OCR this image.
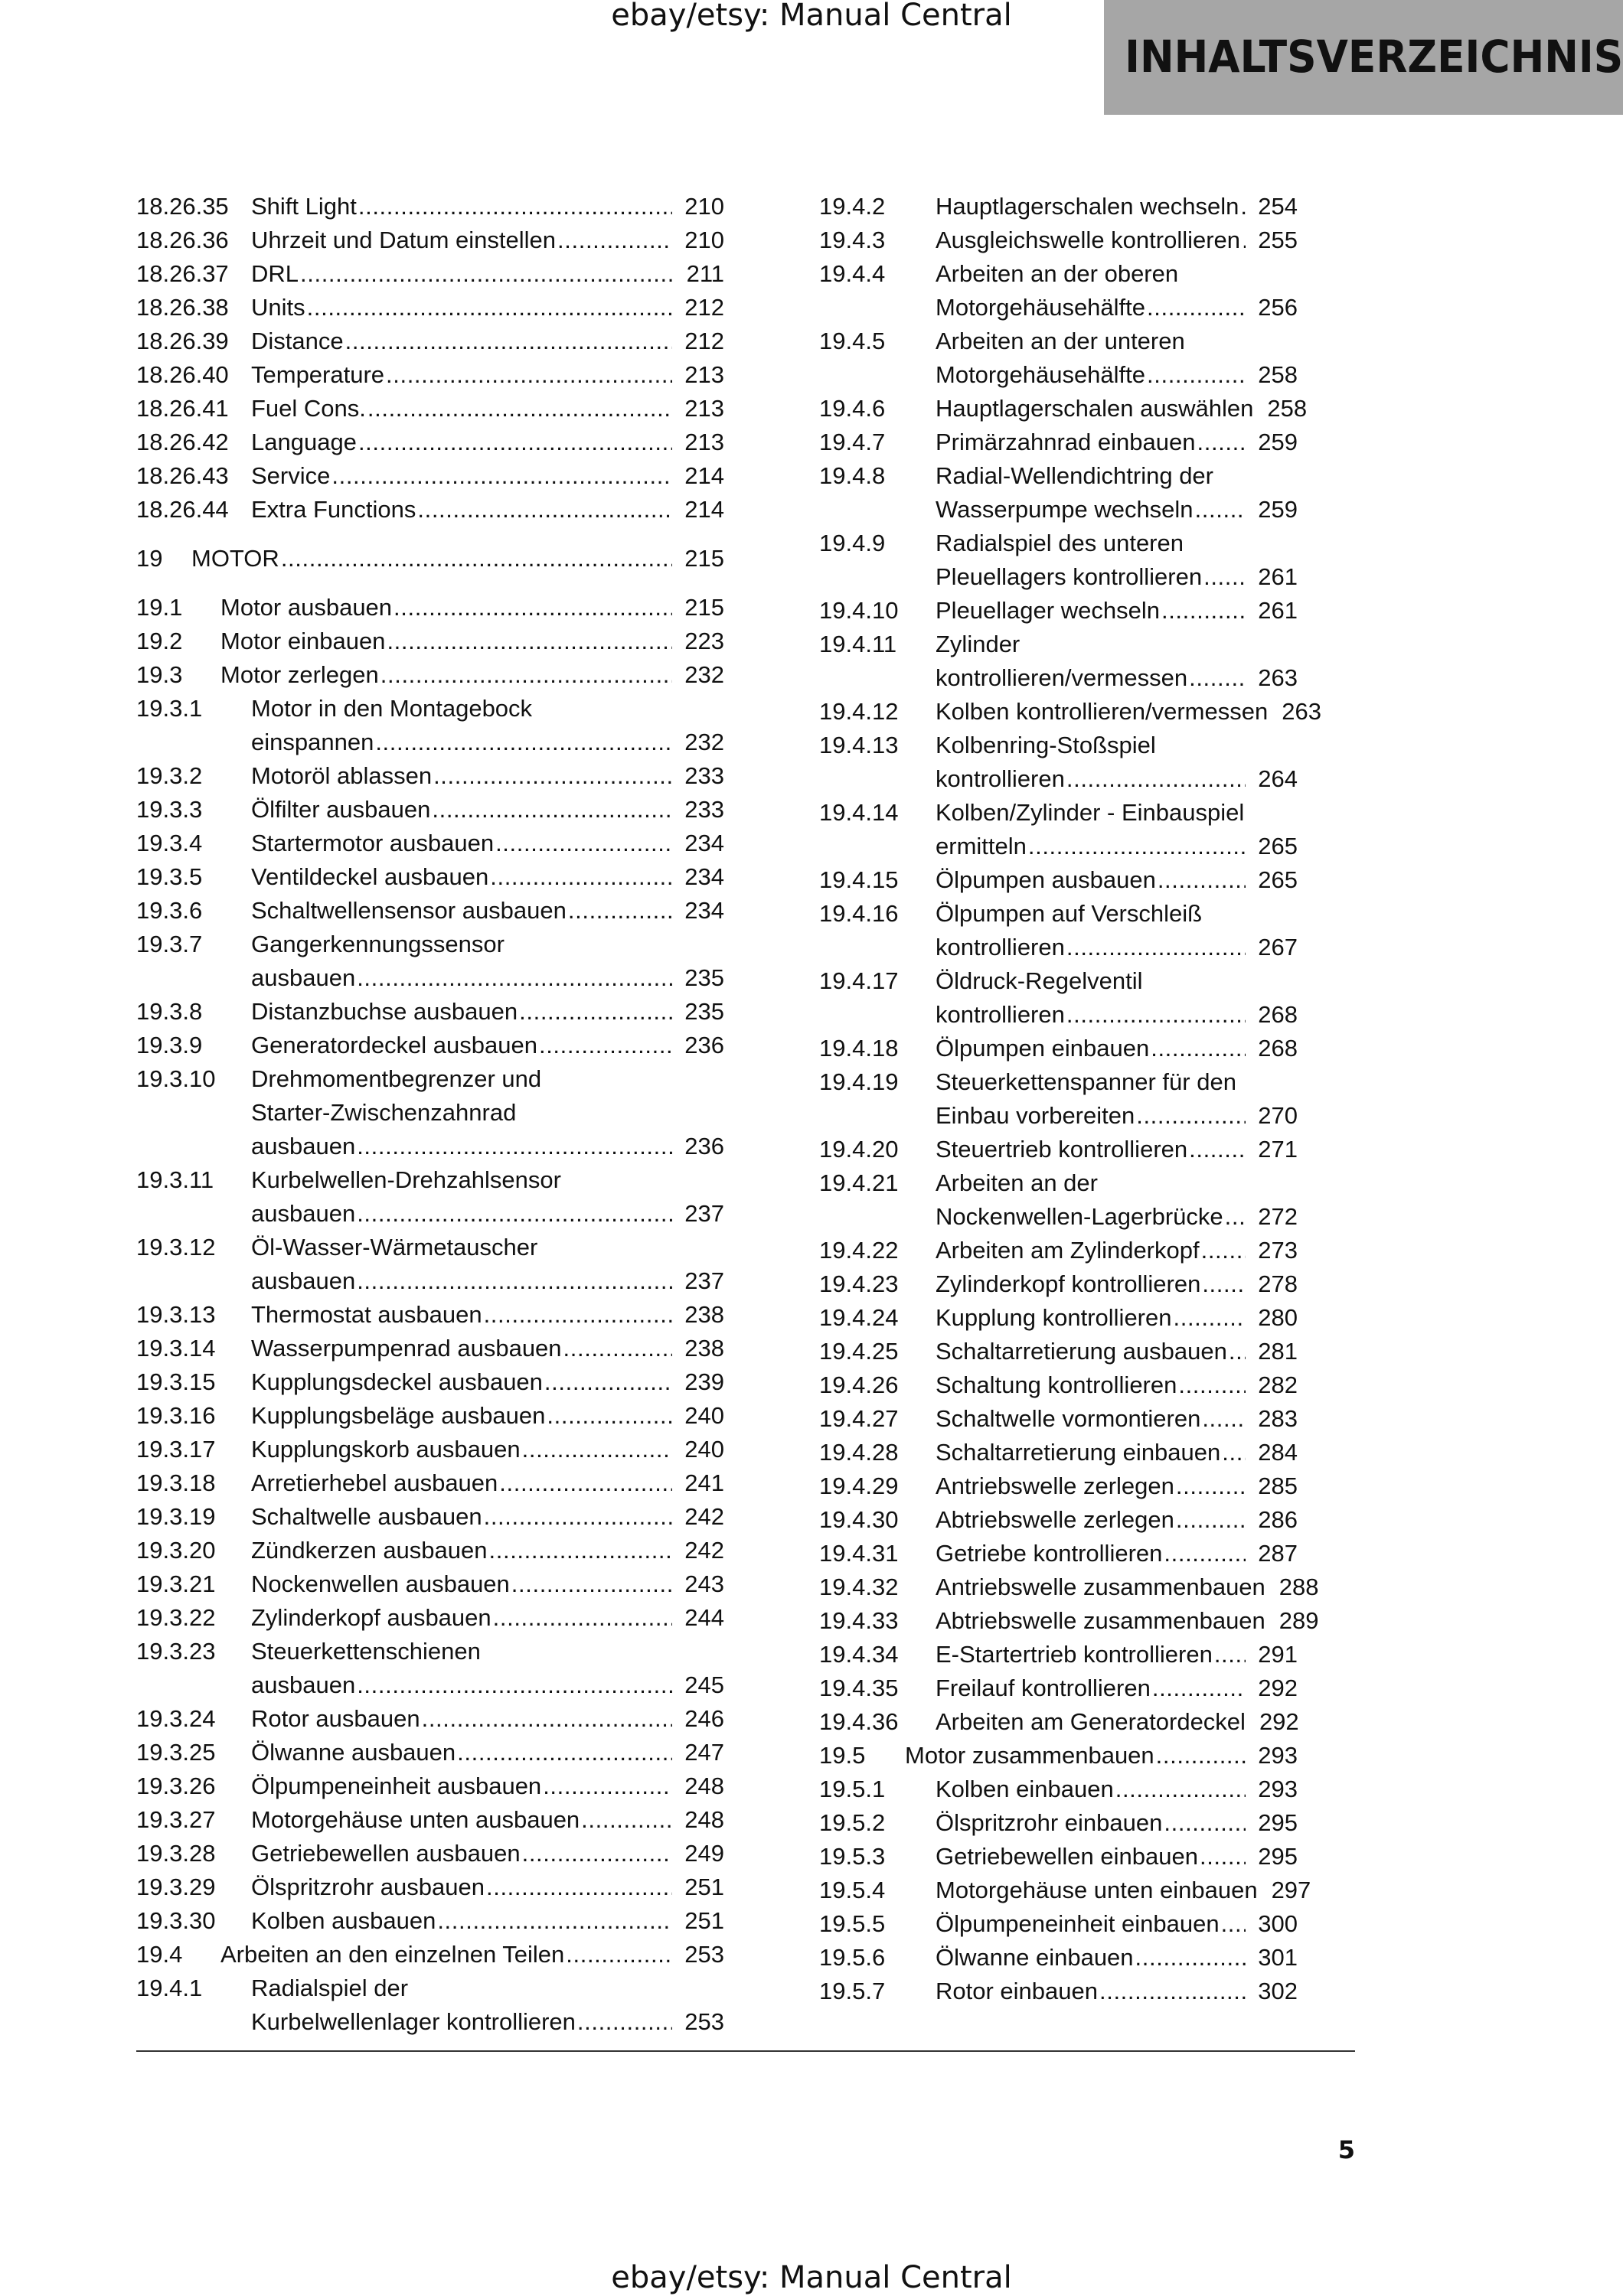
ebay/etsy: Manual Central
INHALTSVERZEICHNIS
18.26.35 Shift Light . . .	210
18.26.36 Uhrzeit und Datum einstellen . . .	210
18.26.37 DRL . . .	211
18.26.38 Units . . .	212
18.26.39 Distance . . .	212
18.26.40 Temperature . . .	213
18.26.41 Fuel Cons. . . .	213
18.26.42 Language . . .	213
18.26.43 Service . . .	214
18.26.44 Extra Functions . . .	214
19	MOTOR . . .	215
19.1	Motor ausbauen . . .	215
19.2	Motor einbauen . . .	223
19.3	Motor zerlegen . . .	232
19.3.1	Motor in den Montagebock
einspannen . . .	232
19.3.2	Motoröl ablassen . . .	233
19.3.3	Ölfilter ausbauen . . .	233
19.3.4	Startermotor ausbauen . . .	234
19.3.5	Ventildeckel ausbauen . . .	234
19.3.6	Schaltwellensensor ausbauen . . .	234
19.3.7	Gangerkennungssensor
ausbauen . . .	235
19.3.8	Distanzbuchse ausbauen . . .	235
19.3.9	Generatordeckel ausbauen . . .	236
19.3.10	Drehmomentbegrenzer und
Starter-Zwischenzahnrad
ausbauen . . .	236
19.3.11	Kurbelwellen-Drehzahlsensor
ausbauen . . .	237
19.3.12	Öl-Wasser-Wärmetauscher
ausbauen . . .	237
19.3.13	Thermostat ausbauen . . .	238
19.3.14	Wasserpumpenrad ausbauen . . .	238
19.3.15	Kupplungsdeckel ausbauen . . .	239
19.3.16	Kupplungsbeläge ausbauen . . .	240
19.3.17	Kupplungskorb ausbauen . . .	240
19.3.18	Arretierhebel ausbauen . . .	241
19.3.19	Schaltwelle ausbauen . . .	242
19.3.20	Zündkerzen ausbauen . . .	242
19.3.21	Nockenwellen ausbauen . . .	243
19.3.22	Zylinderkopf ausbauen . . .	244
19.3.23	Steuerkettenschienen
ausbauen . . .	245
19.3.24	Rotor ausbauen . . .	246
19.3.25	Ölwanne ausbauen . . .	247
19.3.26	Ölpumpeneinheit ausbauen . . .	248
19.3.27	Motorgehäuse unten ausbauen . . .	248
19.3.28	Getriebewellen ausbauen . . .	249
19.3.29	Ölspritzrohr ausbauen . . .	251
19.3.30	Kolben ausbauen . . .	251
19.4	Arbeiten an den einzelnen Teilen . . .	253
19.4.1	Radialspiel der
Kurbelwellenlager kontrollieren . . .	253
19.4.2	Hauptlagerschalen wechseln . . . 254
19.4.3	Ausgleichswelle kontrollieren . . . 255
19.4.4	Arbeiten an der oberen
Motorgehäusehälfte . . .	256
19.4.5	Arbeiten an der unteren
Motorgehäusehälfte . . .	258
19.4.6	Hauptlagerschalen auswählen 258
19.4.7	Primärzahnrad einbauen . . .	259
19.4.8	Radial-Wellendichtring der
Wasserpumpe wechseln . . .	259
19.4.9	Radialspiel des unteren
Pleuellagers kontrollieren . . . 261
19.4.10	Pleuellager wechseln . . .	261
19.4.11	Zylinder
kontrollieren/vermessen . . .	263
19.4.12	Kolben kontrollieren/vermessen 263
19.4.13	Kolbenring-Stoßspiel
kontrollieren . . .	264
19.4.14	Kolben/Zylinder - Einbauspiel
ermitteln . . .	265
19.4.15	Ölpumpen ausbauen . . .	265
19.4.16	Ölpumpen auf Verschleiß
kontrollieren . . .	267
19.4.17	Öldruck-Regelventil
kontrollieren . . .	268
19.4.18	Ölpumpen einbauen . . .	268
19.4.19	Steuerkettenspanner für den
Einbau vorbereiten . . .	270
19.4.20	Steuertrieb kontrollieren . . .	271
19.4.21	Arbeiten an der
Nockenwellen-Lagerbrücke . . . 272
19.4.22	Arbeiten am Zylinderkopf . . . 273
19.4.23	Zylinderkopf kontrollieren . . . 278
19.4.24	Kupplung kontrollieren . . .	280
19.4.25	Schaltarretierung ausbauen . . . 281
19.4.26	Schaltung kontrollieren . . .	282
19.4.27	Schaltwelle vormontieren . . . 283
19.4.28	Schaltarretierung einbauen . . . 284
19.4.29	Antriebswelle zerlegen . . .	285
19.4.30	Abtriebswelle zerlegen . . .	286
19.4.31	Getriebe kontrollieren . . .	287
19.4.32	Antriebswelle zusammenbauen 288
19.4.33	Abtriebswelle zusammenbauen 289
19.4.34	E-Startertrieb kontrollieren . . . 291
19.4.35	Freilauf kontrollieren . . .	292
19.4.36	Arbeiten am Generatordeckel 292
19.5	Motor zusammenbauen . . .	293
19.5.1	Kolben einbauen . . .	293
19.5.2	Ölspritzrohr einbauen . . .	295
19.5.3	Getriebewellen einbauen . . .	295
19.5.4	Motorgehäuse unten einbauen 297
19.5.5	Ölpumpeneinheit einbauen . . . 300
19.5.6	Ölwanne einbauen . . .	301
19.5.7	Rotor einbauen . . .	302
5
ebay/etsy: Manual Central
